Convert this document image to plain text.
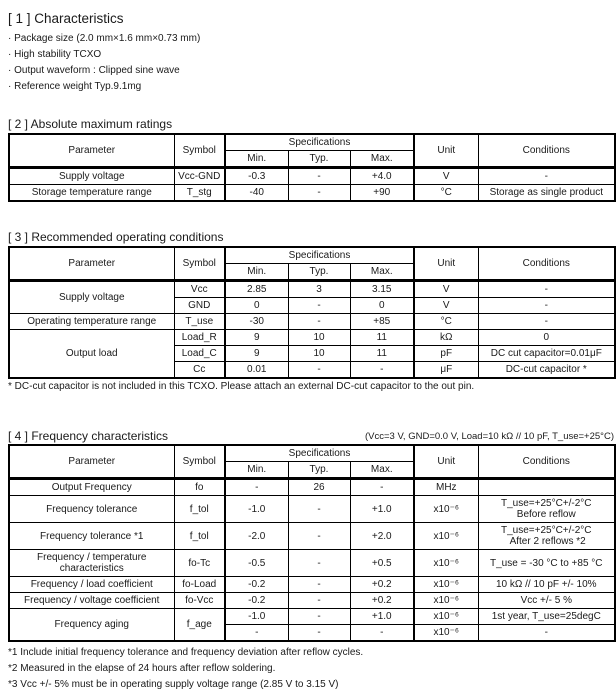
[ 1 ] Characteristics
· Package size (2.0 mm×1.6 mm×0.73 mm)
· High stability TCXO
· Output waveform : Clipped sine wave
· Reference weight Typ.9.1mg
[ 2 ] Absolute maximum ratings
Parameter	Symbol	Specifications			Unit	Conditions
		Min.	Typ.	Max.		
Supply voltage	Vcc-GND	-0.3	-	+4.0	V	-
Storage temperature range	T_stg	-40	-	+90	°C	Storage as single product
[ 3 ] Recommended operating conditions
Parameter	Symbol	Specifications			Unit	Conditions
		Min.	Typ.	Max.		
Supply voltage	Vcc	2.85	3	3.15	V	-
	GND	0	-	0	V	-
Operating temperature range	T_use	-30	-	+85	°C	-
Output load	Load_R	9	10	11	kΩ	0
	Load_C	9	10	11	pF	DC cut capacitor=0.01μF
	Cc	0.01	-	-	μF	DC-cut capacitor *
* DC-cut capacitor is not included in this TCXO. Please attach an external DC-cut capacitor to the out pin.
[ 4 ] Frequency characteristics	(Vcc=3 V, GND=0.0 V, Load=10 kΩ // 10 pF, T_use=+25°C)
Parameter	Symbol	Specifications			Unit	Conditions
		Min.	Typ.	Max.		
Output Frequency	fo	-	26	-	MHz	
Frequency tolerance	f_tol	-1.0	-	+1.0	x10⁻⁶	T_use=+25°C+/-2°C
Before reflow

Frequency tolerance *1	f_tol	-2.0	-	+2.0	x10⁻⁶	T_use=+25°C+/-2°C
After 2 reflows *2

Frequency / temperature characteristics	fo-Tc	-0.5	-	+0.5	x10⁻⁶	T_use = -30 °C to +85 °C
Frequency / load coefficient	fo-Load	-0.2	-	+0.2	x10⁻⁶	10 kΩ // 10 pF +/- 10%
Frequency / voltage coefficient	fo-Vcc	-0.2	-	+0.2	x10⁻⁶	Vcc +/- 5 %
Frequency aging	f_age	-1.0	-	+1.0	x10⁻⁶	1st year, T_use=25degC
		-	-	-	x10⁻⁶	-
*1 Include initial frequency tolerance and frequency deviation after reflow cycles.
*2 Measured in the elapse of 24 hours after reflow soldering.
*3 Vcc +/- 5% must be in operating supply voltage range (2.85 V to 3.15 V)
